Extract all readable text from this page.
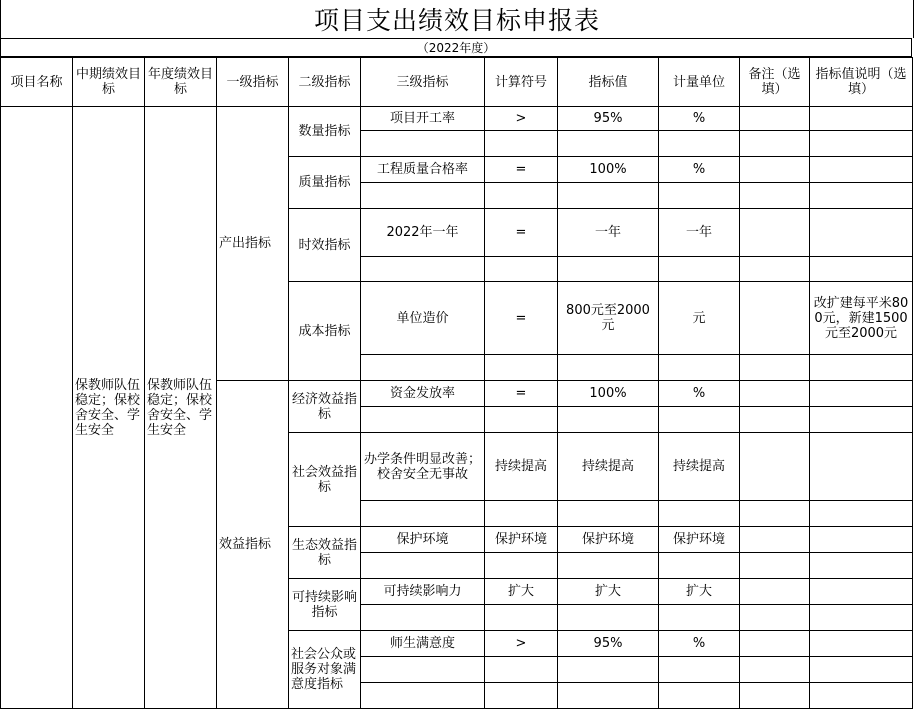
项目支出绩效目标申报表
（2022年度）
项目名称	中期绩效目标	年度绩效目标	一级指标	二级指标	三级指标	计算符号	指标值	计量单位	备注（选填）	指标值说明（选填）
	保教师队伍稳定；保校舍安全、学生安全	保教师队伍稳定；保校舍安全、学生安全	产出指标	数量指标	项目开工率	>	95%	%		

				质量指标	工程质量合格率	=	100%	%		

				时效指标	2022年一年	=	一年	一年		

				成本指标	单位造价	=	800元至2000元	元		改扩建每平米800元，新建1500元至2000元

			效益指标	经济效益指标	资金发放率	=	100%	%		

				社会效益指标	办学条件明显改善；校舍安全无事故	持续提高	持续提高	持续提高		

				生态效益指标	保护环境	保护环境	保护环境	保护环境		

				可持续影响指标	可持续影响力	扩大	扩大	扩大		

				社会公众或服务对象满意度指标	师生满意度	>	95%	%		
